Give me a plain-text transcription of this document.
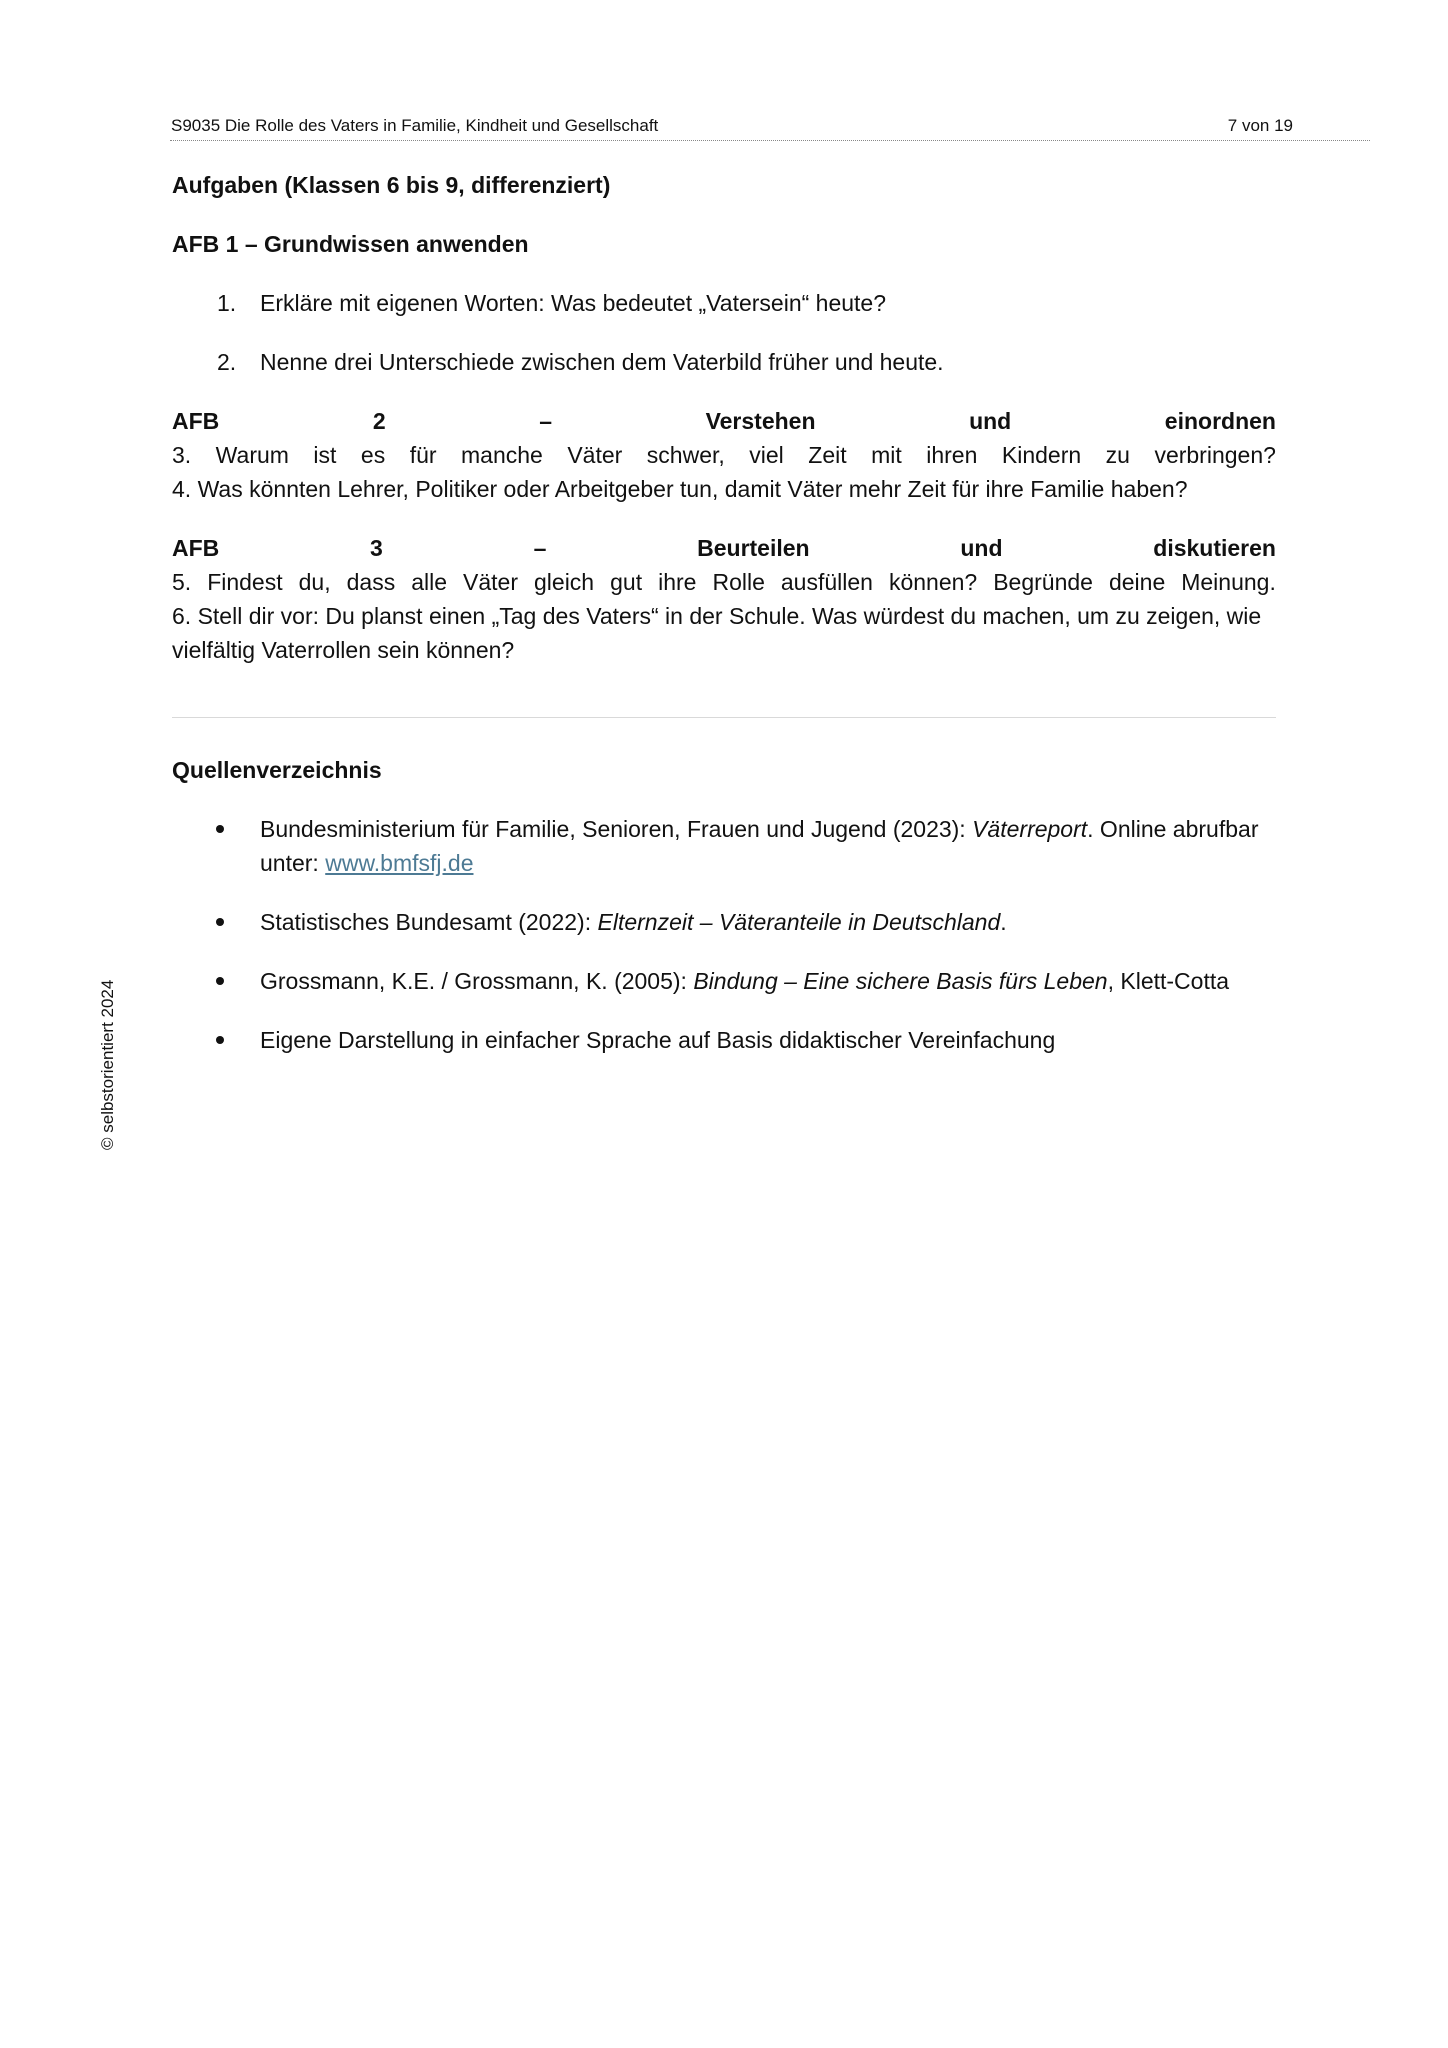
S9035 Die Rolle des Vaters in Familie, Kindheit und Gesellschaft	7 von 19
© selbstorientiert 2024

Aufgaben (Klassen 6 bis 9, differenziert)

AFB 1 – Grundwissen anwenden

1. Erkläre mit eigenen Worten: Was bedeutet „Vatersein“ heute?
2. Nenne drei Unterschiede zwischen dem Vaterbild früher und heute.
AFB	2	–	Verstehen	und	einordnen
3. Warum ist es für manche Väter schwer, viel Zeit mit ihren Kindern zu verbringen?
4. Was könnten Lehrer, Politiker oder Arbeitgeber tun, damit Väter mehr Zeit für ihre Familie haben?
AFB	3	–	Beurteilen	und	diskutieren
5. Findest du, dass alle Väter gleich gut ihre Rolle ausfüllen können? Begründe deine Meinung.
6. Stell dir vor: Du planst einen „Tag des Vaters“ in der Schule. Was würdest du machen, um zu zeigen, wie
vielfältig Vaterrollen sein können?

Quellenverzeichnis

Bundesministerium für Familie, Senioren, Frauen und Jugend (2023): Väterreport. Online abrufbar
unter: www.bmfsfj.de
Statistisches Bundesamt (2022): Elternzeit – Väteranteile in Deutschland.
Grossmann, K.E. / Grossmann, K. (2005): Bindung – Eine sichere Basis fürs Leben, Klett-Cotta
Eigene Darstellung in einfacher Sprache auf Basis didaktischer Vereinfachung
